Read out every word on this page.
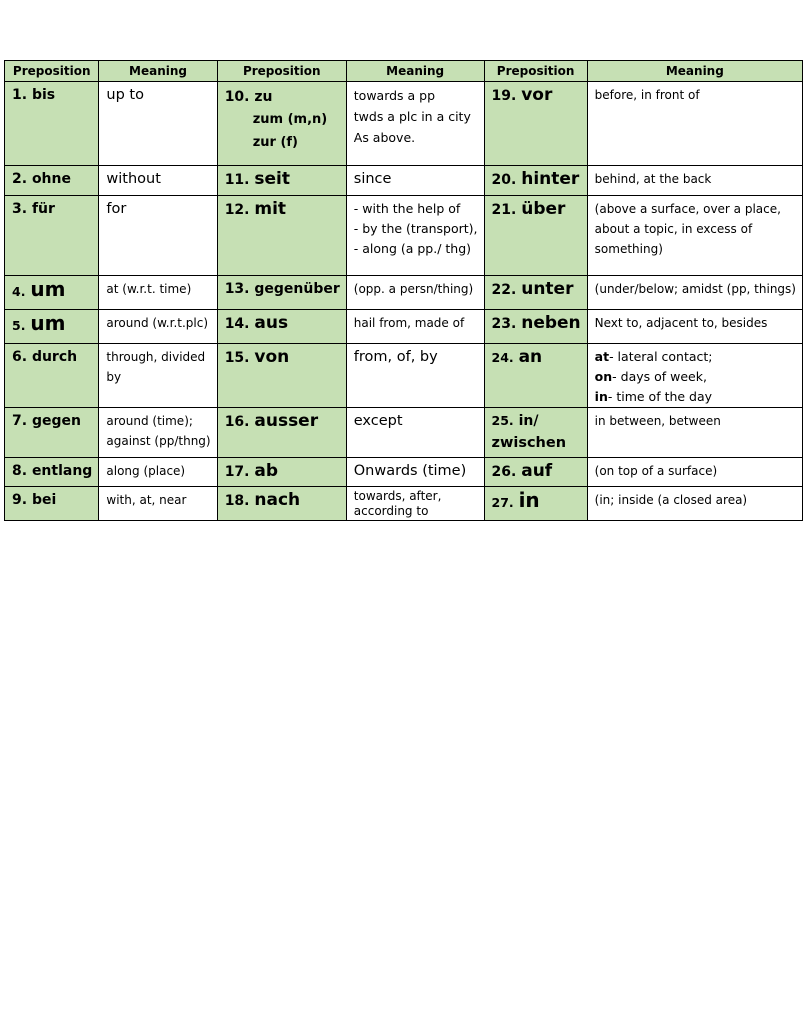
Preposition	Meaning	Preposition	Meaning	Preposition	Meaning

1. bis	up to	10. zu
zum (m,n)
zur (f)	towards a pp
twds a plc in a city
As above.	19. vor	before, in front of

2. ohne	without	11. seit	since	20. hinter	behind, at the back

3. für	for	12. mit	- with the help of
- by the (transport),
- along (a pp./ thg)	21. über	(above a surface, over a place,
about a topic, in excess of
something)

4. um	at (w.r.t. time)	13. gegenüber	(opp. a persn/thing)	22. unter	(under/below; amidst (pp, things)

5. um	around (w.r.t.plc)	14. aus	hail from, made of	23. neben	Next to, adjacent to, besides

6. durch	through, divided
by	15. von	from, of, by	24. an	at- lateral contact;
on- days of week,
in- time of the day

7. gegen	around (time);
against (pp/thng)	16. ausser	except	25. in/
zwischen	in between, between

8. entlang	along (place)	17. ab	Onwards (time)	26. auf	(on top of a surface)

9. bei	with, at, near	18. nach	towards, after,
according to	27. in	(in; inside (a closed area)
